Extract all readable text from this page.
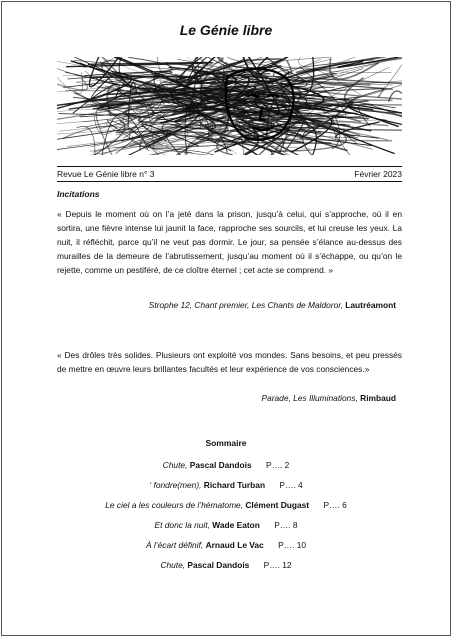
Le Génie libre
Revue Le Génie libre n° 3	Février 2023
Incitations
« Depuis le moment où on l’a jeté dans la prison, jusqu’à celui, qui s’approche, où il en sortira, une fièvre intense lui jaunit la face, rapproche ses sourcils, et lui creuse les yeux. La nuit, il réfléchit, parce qu’il ne veut pas dormir. Le jour, sa pensée s’élance au-dessus des murailles de la demeure de l’abrutissement, jusqu’au moment où il s’échappe, ou qu’on le rejette, comme un pestiféré, de ce cloître éternel ; cet acte se comprend. »
Strophe 12, Chant premier, Les Chants de Maldoror, Lautréamont
« Des drôles très solides. Plusieurs ont exploité vos mondes. Sans besoins, et peu pressés de mettre en œuvre leurs brillantes facultés et leur expérience de vos consciences.»
Parade, Les Illuminations, Rimbaud
Sommaire
Chute, Pascal Dandois P…. 2
‘ fondre(men), Richard Turban P…. 4
Le ciel a les couleurs de l’hématome, Clément Dugast P…. 6
Et donc la nuit, Wade Eaton P…. 8
À l’écart définif, Arnaud Le Vac P…. 10
Chute, Pascal Dandois P…. 12
